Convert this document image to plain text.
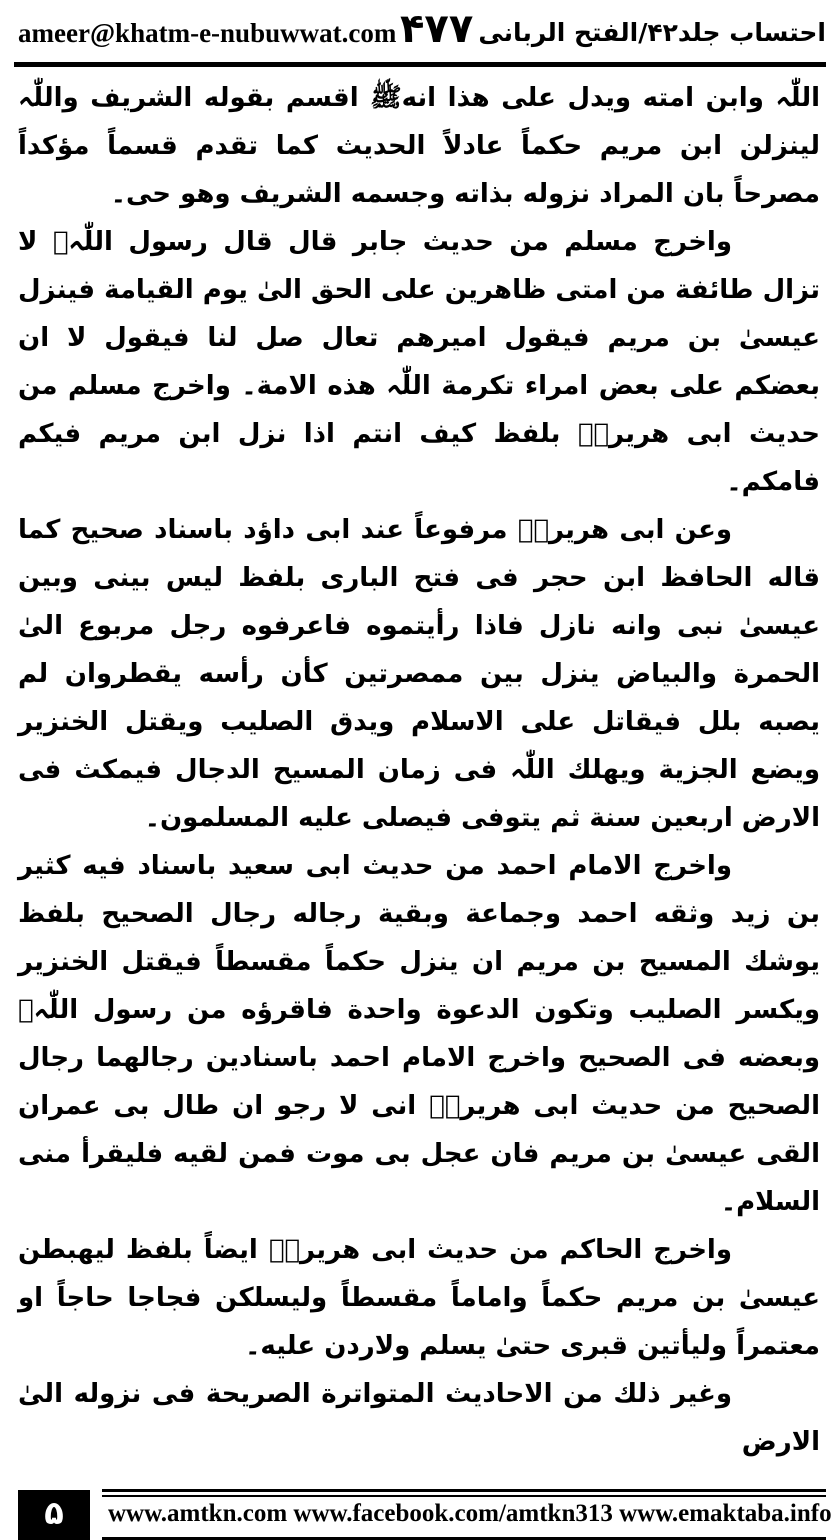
ameer@khatm-e-nubuwwat.com ۴۷۷ احتساب جلد۴۲/الفتح الربانی

اللّٰہ وابن امته ویدل علی هذا انهﷺ اقسم بقوله الشریف واللّٰہ لینزلن ابن مریم حکماً عادلاً الحدیث کما تقدم قسماً مؤکداً مصرحاً بان المراد نزوله بذاته وجسمه الشریف وهو حی۔

واخرج مسلم من حدیث جابر قال قال رسول اللّٰہﷺ لا تزال طائفة من امتی ظاهرین علی الحق الیٰ یوم القیامة فینزل عیسیٰ بن مریم فیقول امیرهم تعال صل لنا فیقول لا ان بعضکم علی بعض امراء تکرمة اللّٰہ هذه الامة۔ واخرج مسلم من حدیث ابی هریرہؓ بلفظ کیف انتم اذا نزل ابن مریم فیکم فامکم۔

وعن ابی هریرہؓ مرفوعاً عند ابی داؤد باسناد صحیح کما قاله الحافظ ابن حجر فی فتح الباری بلفظ لیس بینی وبین عیسیٰ نبی وانه نازل فاذا رأیتموه فاعرفوه رجل مربوع الیٰ الحمرة والبیاض ینزل بین ممصرتین کأن رأسه یقطروان لم یصبه بلل فیقاتل علی الاسلام ویدق الصلیب ویقتل الخنزیر ویضع الجزیة ویهلك اللّٰہ فی زمان المسیح الدجال فیمکث فی الارض اربعین سنة ثم یتوفی فیصلی علیه المسلمون۔

واخرج الامام احمد من حدیث ابی سعید باسناد فیه کثیر بن زید وثقه احمد وجماعة وبقیة رجاله رجال الصحیح بلفظ یوشك المسیح بن مریم ان ینزل حکماً مقسطاً فیقتل الخنزیر ویکسر الصلیب وتکون الدعوة واحدة فاقرؤه من رسول اللّٰہﷺ وبعضه فی الصحیح واخرج الامام احمد باسنادین رجالهما رجال الصحیح من حدیث ابی هریرہؓ انی لا رجو ان طال بی عمران القی عیسیٰ بن مریم فان عجل بی موت فمن لقیه فلیقرأ منی السلام۔

واخرج الحاکم من حدیث ابی هریرہؓ ایضاً بلفظ لیهبطن عیسیٰ بن مریم حکماً واماماً مقسطاً ولیسلکن فجاجا حاجاً او معتمراً ولیأتین قبری حتیٰ یسلم ولاردن علیه۔

وغیر ذلك من الاحادیث المتواترة الصریحة فی نزوله الیٰ الارض

www.amtkn.com www.facebook.com/amtkn313 www.emaktaba.info
۵
